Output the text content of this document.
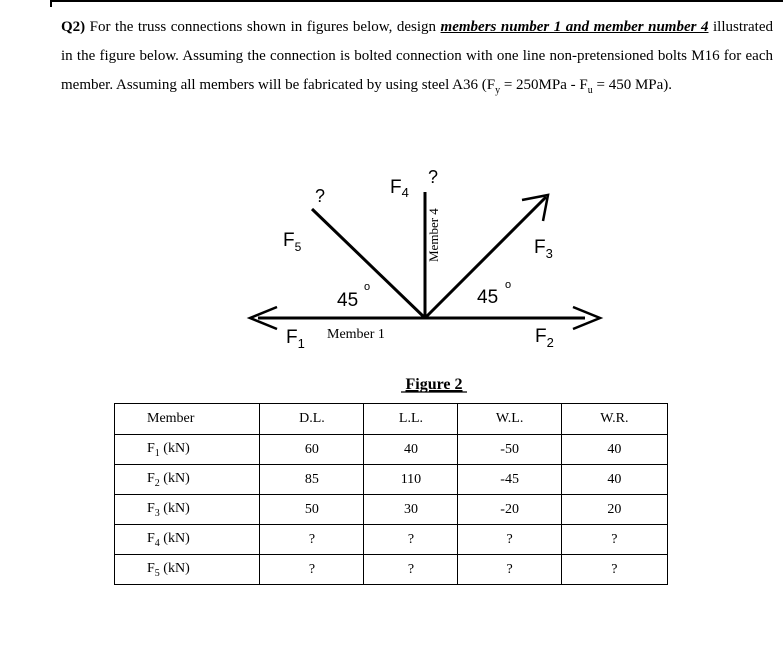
Q2) For the truss connections shown in figures below, design members number 1 and member number 4 illustrated in the figure below. Assuming the connection is bolted connection with one line non-pretensioned bolts M16 for each member. Assuming all members will be fabricated by using steel A36 ($F_y = 250MPa - F_u = 450$ MPa).

$F_5$
?	$F_4$
?
Member 4	$F_3$
45
o	45
o
$F_1$
Member 1	$F_2$
Figure 2
Member	D.L.	L.L.	W.L.	W.R.
$F_1$ (kN)	60	40	-50	40
$F_2$ (kN)	85	110	-45	40
$F_3$ (kN)	50	30	-20	20
$F_4$ (kN)	?	?	?	?
$F_5$ (kN)	?	?	?	?
